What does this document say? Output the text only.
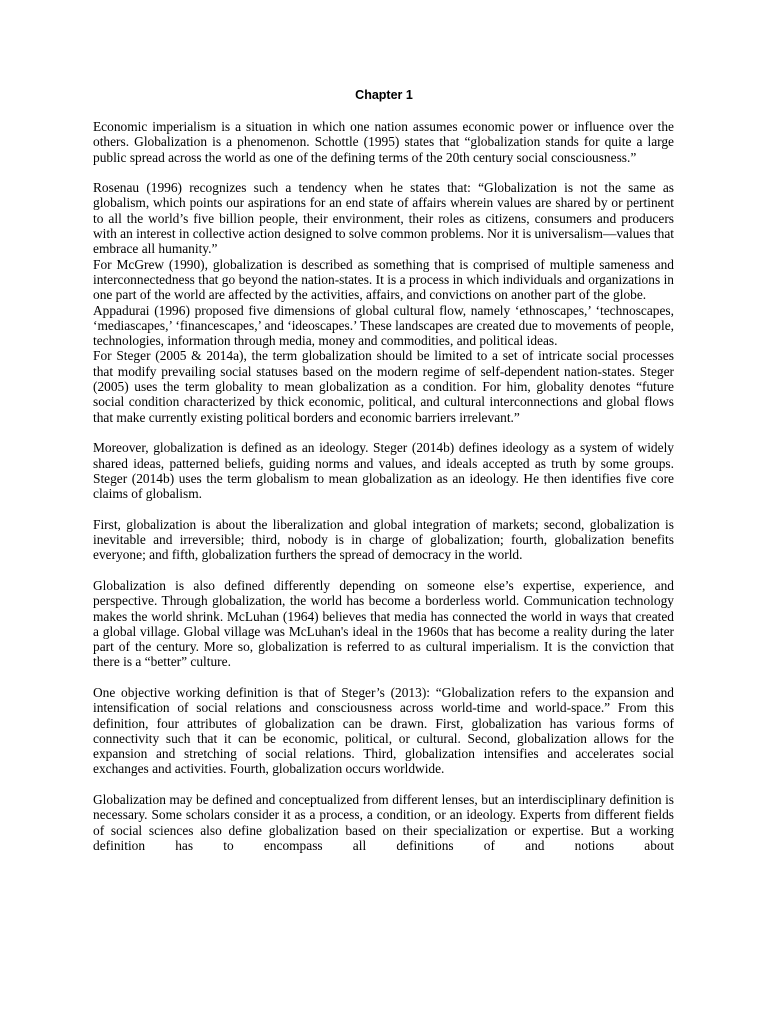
Chapter 1

Economic imperialism is a situation in which one nation assumes economic power or influence over the others. Globalization is a phenomenon. Schottle (1995) states that “globalization stands for quite a large public spread across the world as one of the defining terms of the 20th century social consciousness.”

Rosenau (1996) recognizes such a tendency when he states that: “Globalization is not the same as globalism, which points our aspirations for an end state of affairs wherein values are shared by or pertinent to all the world’s five billion people, their environment, their roles as citizens, consumers and producers with an interest in collective action designed to solve common problems. Nor it is universalism—values that embrace all humanity.”

For McGrew (1990), globalization is described as something that is comprised of multiple sameness and interconnectedness that go beyond the nation-states. It is a process in which individuals and organizations in one part of the world are affected by the activities, affairs, and convictions on another part of the globe.

Appadurai (1996) proposed five dimensions of global cultural flow, namely ‘ethnoscapes,’ ‘technoscapes, ‘mediascapes,’ ‘financescapes,’ and ‘ideoscapes.’ These landscapes are created due to movements of people, technologies, information through media, money and commodities, and political ideas.

For Steger (2005 & 2014a), the term globalization should be limited to a set of intricate social processes that modify prevailing social statuses based on the modern regime of self-dependent nation-states. Steger (2005) uses the term globality to mean globalization as a condition. For him, globality denotes “future social condition characterized by thick economic, political, and cultural interconnections and global flows that make currently existing political borders and economic barriers irrelevant.”

Moreover, globalization is defined as an ideology. Steger (2014b) defines ideology as a system of widely shared ideas, patterned beliefs, guiding norms and values, and ideals accepted as truth by some groups. Steger (2014b) uses the term globalism to mean globalization as an ideology. He then identifies five core claims of globalism.

First, globalization is about the liberalization and global integration of markets; second, globalization is inevitable and irreversible; third, nobody is in charge of globalization; fourth, globalization benefits everyone; and fifth, globalization furthers the spread of democracy in the world.

Globalization is also defined differently depending on someone else’s expertise, experience, and perspective. Through globalization, the world has become a borderless world. Communication technology makes the world shrink. McLuhan (1964) believes that media has connected the world in ways that created a global village. Global village was McLuhan's ideal in the 1960s that has become a reality during the later part of the century. More so, globalization is referred to as cultural imperialism. It is the conviction that there is a “better” culture.

One objective working definition is that of Steger’s (2013): “Globalization refers to the expansion and intensification of social relations and consciousness across world-time and world-space.” From this definition, four attributes of globalization can be drawn. First, globalization has various forms of connectivity such that it can be economic, political, or cultural. Second, globalization allows for the expansion and stretching of social relations. Third, globalization intensifies and accelerates social exchanges and activities. Fourth, globalization occurs worldwide.

Globalization may be defined and conceptualized from different lenses, but an interdisciplinary definition is necessary. Some scholars consider it as a process, a condition, or an ideology. Experts from different fields of social sciences also define globalization based on their specialization or expertise. But a working definition has to encompass all definitions of and notions about
